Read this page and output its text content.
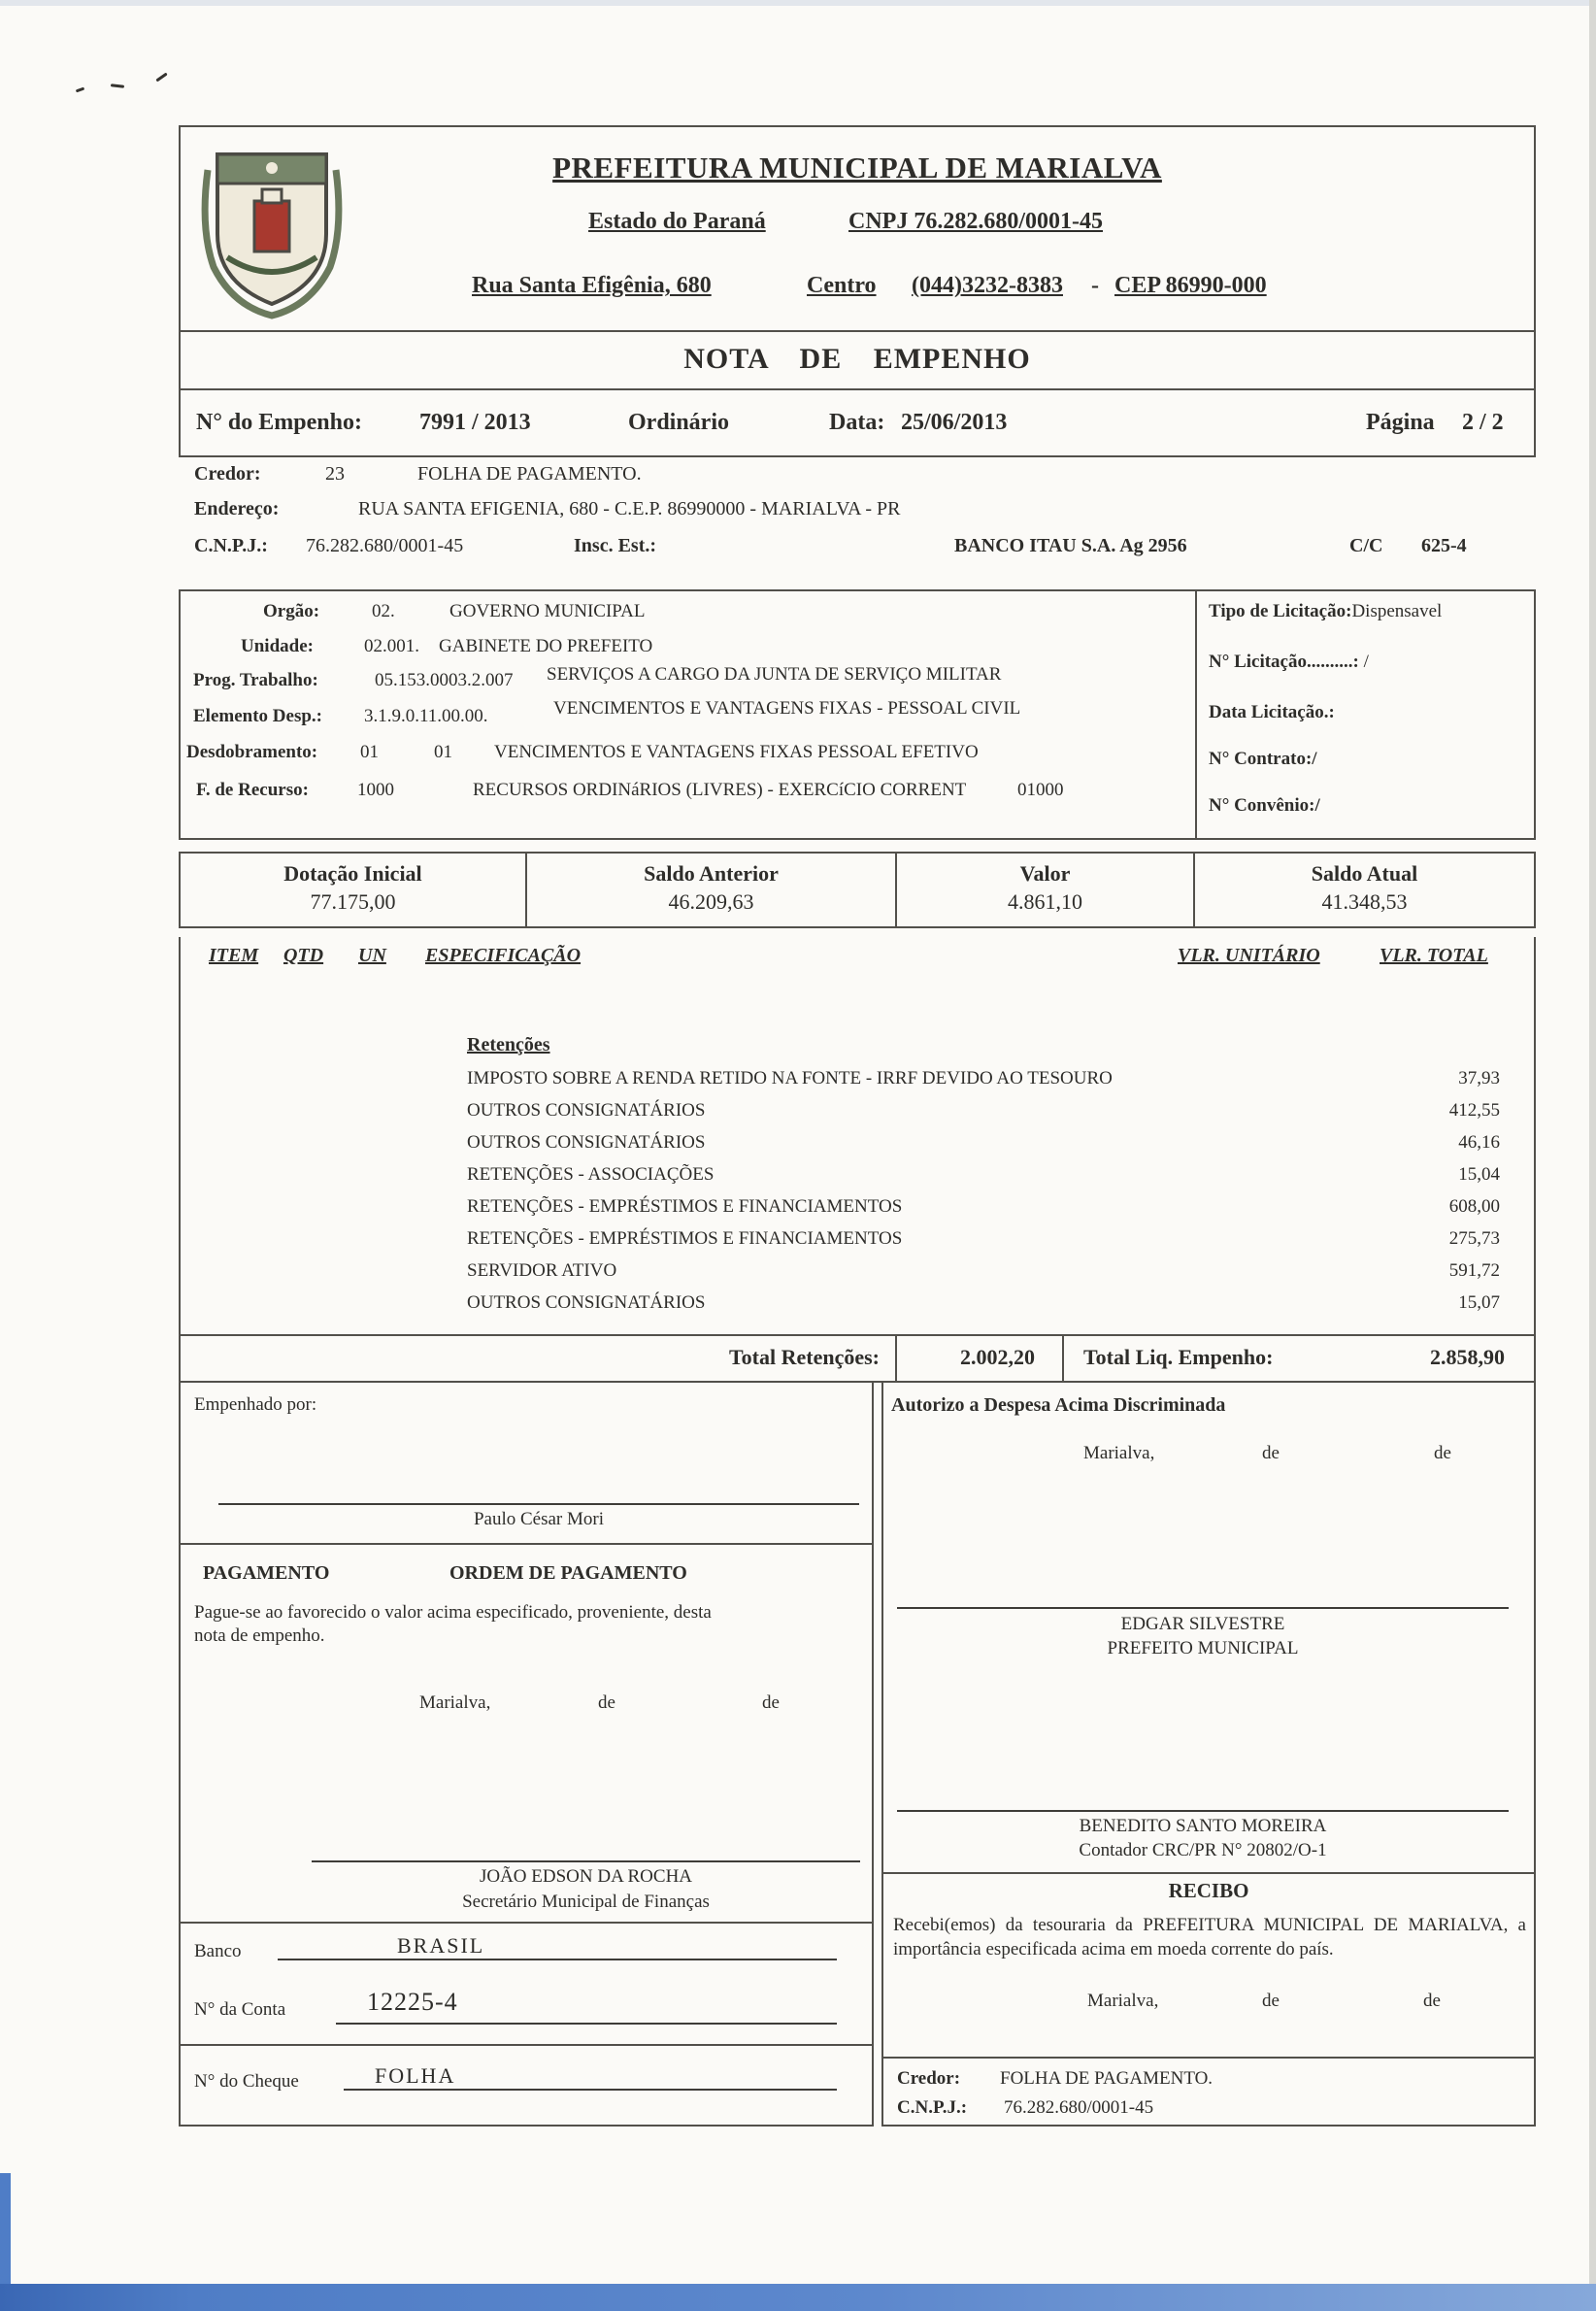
PREFEITURA MUNICIPAL DE MARIALVA
Estado do Paraná	CNPJ 76.282.680/0001-45
Rua Santa Efigênia, 680	Centro (044)3232-8383 - CEP 86990-000
NOTA DE EMPENHO
N° do Empenho: 7991 / 2013	Ordinário	Data: 25/06/2013	Página 2 / 2
Credor:	23	FOLHA DE PAGAMENTO.
Endereço:	RUA SANTA EFIGENIA, 680 - C.E.P. 86990000 - MARIALVA - PR
C.N.P.J.: 76.282.680/0001-45	Insc. Est.:	BANCO ITAU S.A. Ag 2956	C/C 625-4
Orgão:	02.	GOVERNO MUNICIPAL
Unidade:	02.001. GABINETE DO PREFEITO
Prog. Trabalho:	05.153.0003.2.007 SERVIÇOS A CARGO DA JUNTA DE SERVIÇO MILITAR
Elemento Desp.: 3.1.9.0.11.00.00.	VENCIMENTOS E VANTAGENS FIXAS - PESSOAL CIVIL
Desdobramento: 01	01 VENCIMENTOS E VANTAGENS FIXAS PESSOAL EFETIVO
F. de Recurso:	1000	RECURSOS ORDINáRIOS (LIVRES) - EXERCíCIO CORRENT	01000
Tipo de Licitação:Dispensavel
N° Licitação..........: /
Data Licitação.:
N° Contrato:/
N° Convênio:/
Dotação Inicial
77.175,00
Saldo Anterior
46.209,63
Valor
4.861,10
Saldo Atual
41.348,53
ITEM QTD UN ESPECIFICAÇÃO	VLR. UNITÁRIO	VLR. TOTAL
Retenções
IMPOSTO SOBRE A RENDA RETIDO NA FONTE - IRRF DEVIDO AO TESOURO	37,93
OUTROS CONSIGNATÁRIOS	412,55
OUTROS CONSIGNATÁRIOS	46,16
RETENÇÕES - ASSOCIAÇÕES	15,04
RETENÇÕES - EMPRÉSTIMOS E FINANCIAMENTOS	608,00
RETENÇÕES - EMPRÉSTIMOS E FINANCIAMENTOS	275,73
SERVIDOR ATIVO	591,72
OUTROS CONSIGNATÁRIOS	15,07
Total Retenções:	2.002,20	Total Liq. Empenho:	2.858,90
Empenhado por:
Paulo César Mori
PAGAMENTO	ORDEM DE PAGAMENTO
Pague-se ao favorecido o valor acima especificado, proveniente, desta nota de empenho.
Marialva,	de	de
JOÃO EDSON DA ROCHA
Secretário Municipal de Finanças
Banco	BRASIL
N° da Conta	12225-4
N° do Cheque	FOLHA
Autorizo a Despesa Acima Discriminada
Marialva,	de	de
EDGAR SILVESTRE
PREFEITO MUNICIPAL
BENEDITO SANTO MOREIRA
Contador CRC/PR N° 20802/O-1
RECIBO
Recebi(emos) da tesouraria da PREFEITURA MUNICIPAL DE MARIALVA, a importância especificada acima em moeda corrente do país.
Marialva,	de	de
Credor: FOLHA DE PAGAMENTO.
C.N.P.J.: 76.282.680/0001-45
